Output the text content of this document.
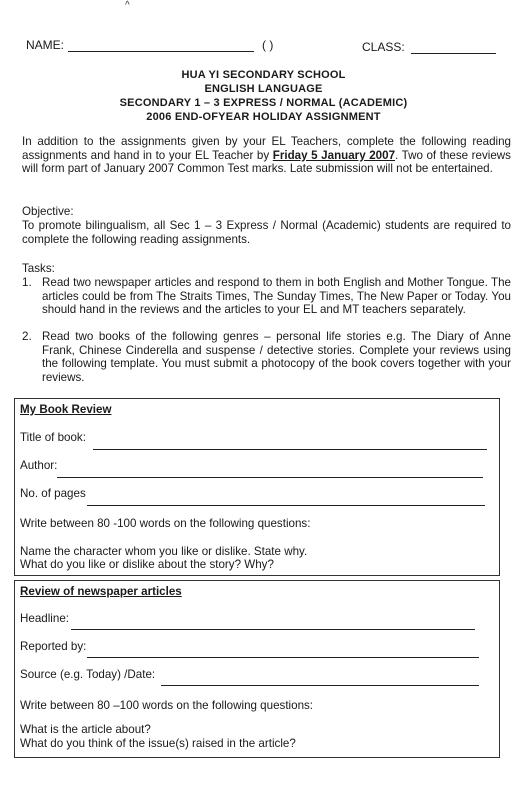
^
NAME:	( )	CLASS:
HUA YI SECONDARY SCHOOL
ENGLISH LANGUAGE
SECONDARY 1 – 3 EXPRESS / NORMAL (ACADEMIC)
2006 END-OFYEAR HOLIDAY ASSIGNMENT
In addition to the assignments given by your EL Teachers, complete the following reading assignments and hand in to your EL Teacher by Friday 5 January 2007. Two of these reviews will form part of January 2007 Common Test marks. Late submission will not be entertained.
Objective:
To promote bilingualism, all Sec 1 – 3 Express / Normal (Academic) students are required to complete the following reading assignments.
Tasks:
1. Read two newspaper articles and respond to them in both English and Mother Tongue. The articles could be from The Straits Times, The Sunday Times, The New Paper or Today. You should hand in the reviews and the articles to your EL and MT teachers separately.
2. Read two books of the following genres – personal life stories e.g. The Diary of Anne Frank, Chinese Cinderella and suspense / detective stories. Complete your reviews using the following template. You must submit a photocopy of the book covers together with your reviews.
My Book Review
Title of book:
Author:
No. of pages
Write between 80 -100 words on the following questions:
Name the character whom you like or dislike. State why.
What do you like or dislike about the story? Why?
Review of newspaper articles
Headline:
Reported by:
Source (e.g. Today) /Date:
Write between 80 –100 words on the following questions:
What is the article about?
What do you think of the issue(s) raised in the article?
